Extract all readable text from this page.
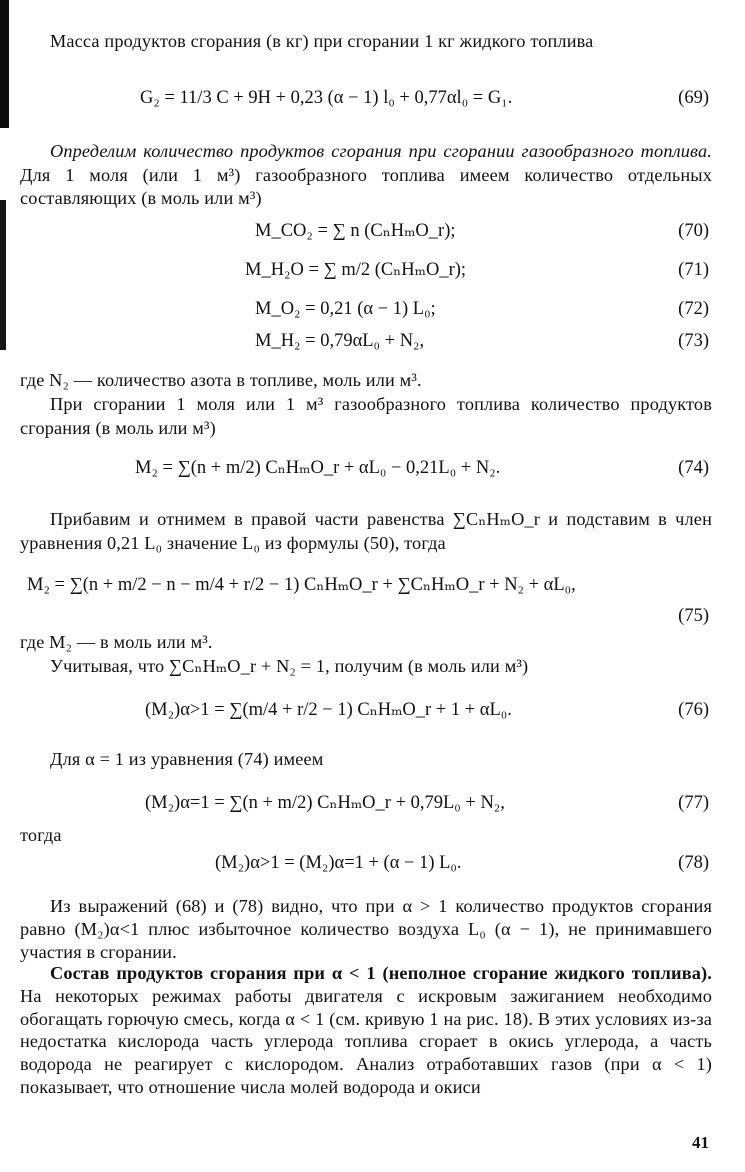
Масса продуктов сгорания (в кг) при сгорании 1 кг жидкого топлива

G₂ = 11/3 C + 9H + 0,23 (α − 1) l₀ + 0,77αl₀ = G₁.	(69)

Определим количество продуктов сгорания при сгорании газообразного топлива. Для 1 моля (или 1 м³) газообразного топлива имеем количество отдельных составляющих (в моль или м³)

M_CO₂ = ∑ n (CₙHₘO_r);	(70)
M_H₂O = ∑ m/2 (CₙHₘO_r);	(71)
M_O₂ = 0,21 (α − 1) L₀;	(72)
M_H₂ = 0,79αL₀ + N₂,	(73)

где N₂ — количество азота в топливе, моль или м³.

При сгорании 1 моля или 1 м³ газообразного топлива количество продуктов сгорания (в моль или м³)

M₂ = ∑(n + m/2) CₙHₘO_r + αL₀ − 0,21L₀ + N₂.	(74)

Прибавим и отнимем в правой части равенства ∑CₙHₘO_r и подставим в член уравнения 0,21 L₀ значение L₀ из формулы (50), тогда

M₂ = ∑(n + m/2 − n − m/4 + r/2 − 1) CₙHₘO_r + ∑CₙHₘO_r + N₂ + αL₀,
(75)

где M₂ — в моль или м³.

Учитывая, что ∑CₙHₘO_r + N₂ = 1, получим (в моль или м³)

(M₂)α>1 = ∑(m/4 + r/2 − 1) CₙHₘO_r + 1 + αL₀.	(76)

Для α = 1 из уравнения (74) имеем

(M₂)α=1 = ∑(n + m/2) CₙHₘO_r + 0,79L₀ + N₂,	(77)

тогда

(M₂)α>1 = (M₂)α=1 + (α − 1) L₀.	(78)

Из выражений (68) и (78) видно, что при α > 1 количество продуктов сгорания равно (M₂)α<1 плюс избыточное количество воздуха L₀ (α − 1), не принимавшего участия в сгорании.

Состав продуктов сгорания при α < 1 (неполное сгорание жидкого топлива). На некоторых режимах работы двигателя с искровым зажиганием необходимо обогащать горючую смесь, когда α < 1 (см. кривую 1 на рис. 18). В этих условиях из-за недостатка кислорода часть углерода топлива сгорает в окись углерода, а часть водорода не реагирует с кислородом. Анализ отработавших газов (при α < 1) показывает, что отношение числа молей водорода и окиси

41
